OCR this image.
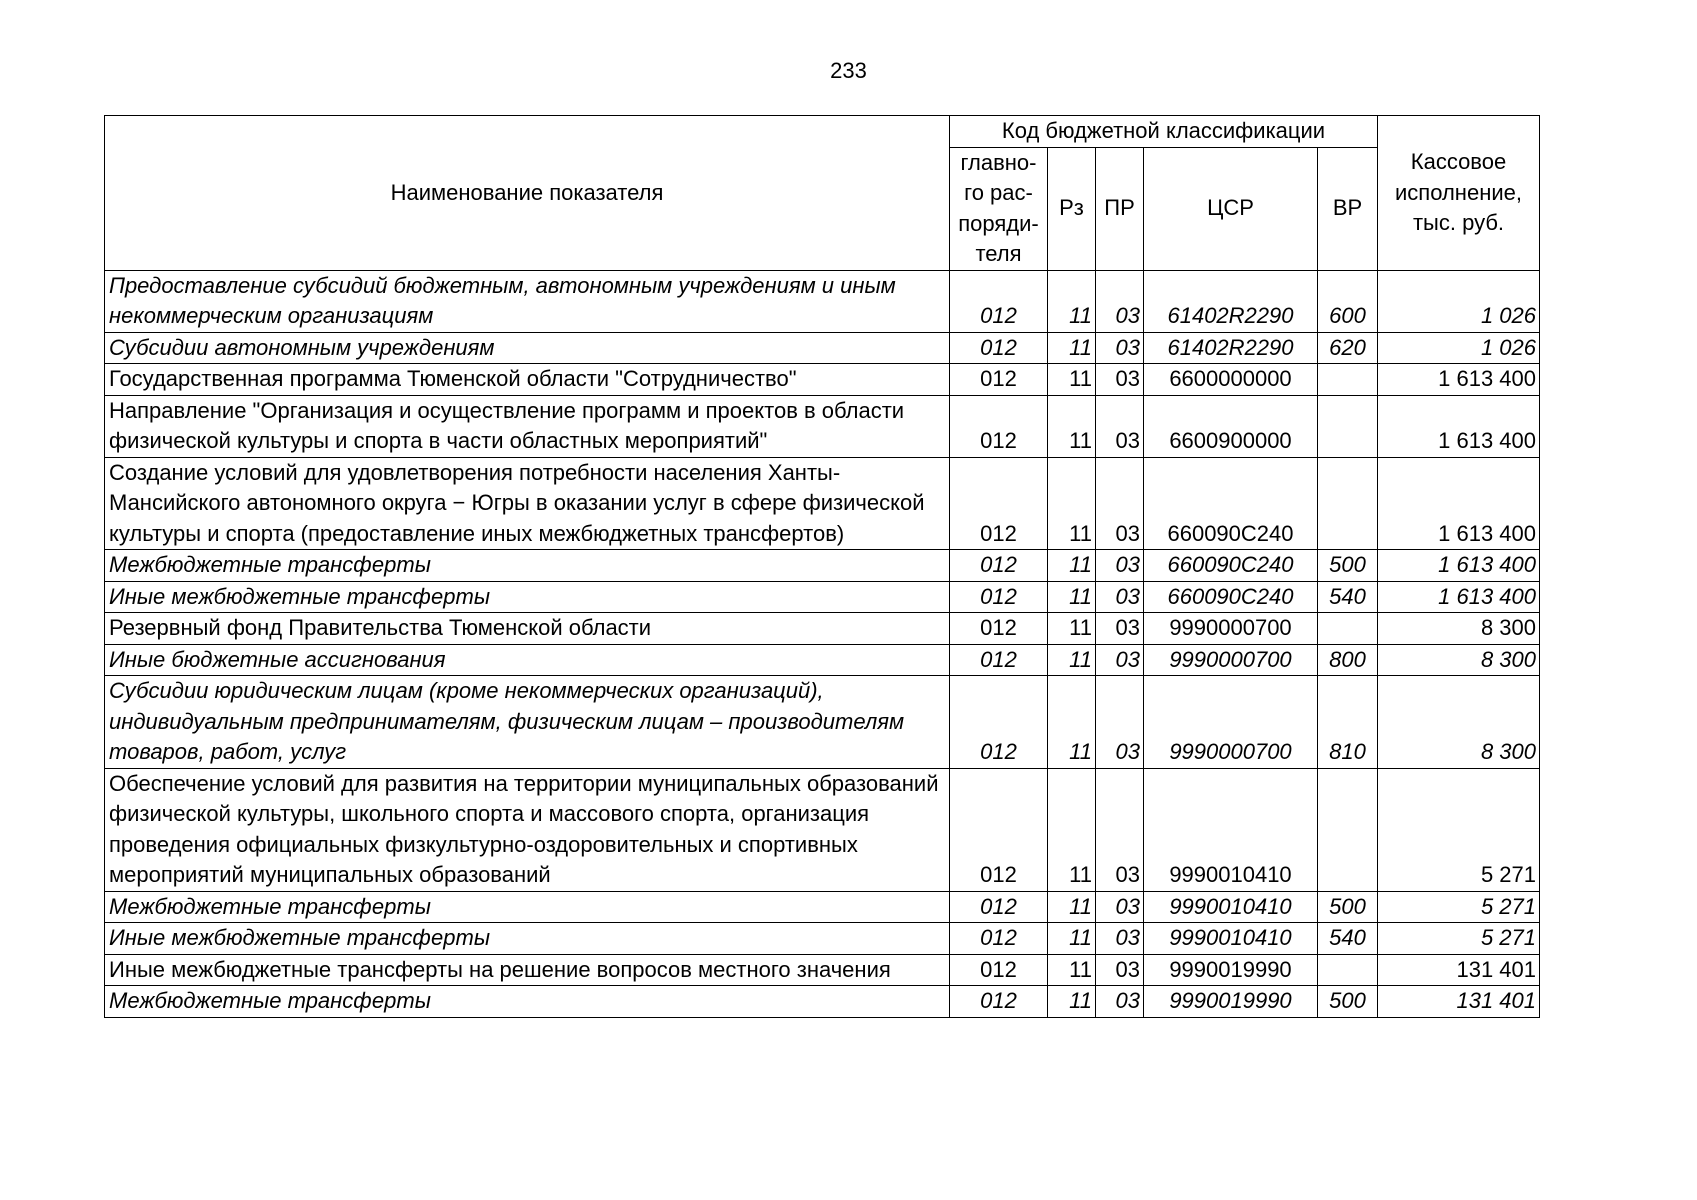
233
Наименование показателя	Код бюджетной классификации					Кассовое исполнение, тыс. руб.
	главно-го рас-поряди-теля	Рз	ПР	ЦСР	ВР	
Предоставление субсидий бюджетным, автономным учреждениям и иным некоммерческим организациям	012	11	03	61402R2290	600	1 026
Субсидии автономным учреждениям	012	11	03	61402R2290	620	1 026
Государственная программа Тюменской области "Сотрудничество"	012	11	03	6600000000		1 613 400
Направление "Организация и осуществление программ и проектов в области физической культуры и спорта в части областных мероприятий"	012	11	03	6600900000		1 613 400
Создание условий для удовлетворения потребности населения Ханты-Мансийского автономного округа − Югры в оказании услуг в сфере физической культуры и спорта (предоставление иных межбюджетных трансфертов)	012	11	03	660090C240		1 613 400
Межбюджетные трансферты	012	11	03	660090C240	500	1 613 400
Иные межбюджетные трансферты	012	11	03	660090C240	540	1 613 400
Резервный фонд Правительства Тюменской области	012	11	03	9990000700		8 300
Иные бюджетные ассигнования	012	11	03	9990000700	800	8 300
Субсидии юридическим лицам (кроме некоммерческих организаций), индивидуальным предпринимателям, физическим лицам – производителям товаров, работ, услуг	012	11	03	9990000700	810	8 300
Обеспечение условий для развития на территории муниципальных образований физической культуры, школьного спорта и массового спорта, организация проведения официальных физкультурно-оздоровительных и спортивных мероприятий муниципальных образований	012	11	03	9990010410		5 271
Межбюджетные трансферты	012	11	03	9990010410	500	5 271
Иные межбюджетные трансферты	012	11	03	9990010410	540	5 271
Иные межбюджетные трансферты на решение вопросов местного значения	012	11	03	9990019990		131 401
Межбюджетные трансферты	012	11	03	9990019990	500	131 401
